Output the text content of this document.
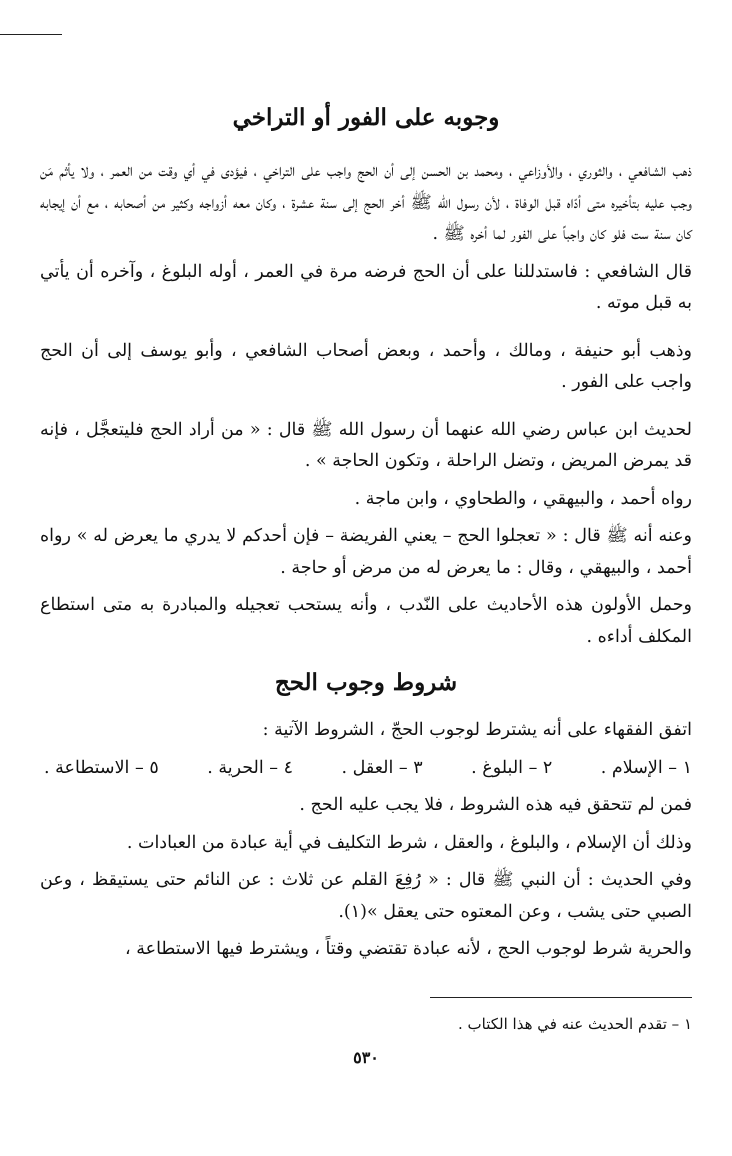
وجوبه على الفور أو التراخي

ذهب الشافعي ، والثوري ، والأوزاعي ، ومحمد بن الحسن إلى أن الحج واجب على التراخي ، فيؤدى في أي وقت من العمر ، ولا يأثم مَن وجب عليه بتأخيره متى أدّاه قبل الوفاة ، لأن رسول الله ﷺ أخر الحج إلى سنة عشرة ، وكان معه أزواجه وكثير من أصحابه ، مع أن إيجابه كان سنة ست فلو كان واجباً على الفور لما أخره ﷺ .

قال الشافعي : فاستدللنا على أن الحج فرضه مرة في العمر ، أوله البلوغ ، وآخره أن يأتي به قبل موته .

وذهب أبو حنيفة ، ومالك ، وأحمد ، وبعض أصحاب الشافعي ، وأبو يوسف إلى أن الحج واجب على الفور .

لحديث ابن عباس رضي الله عنهما أن رسول الله ﷺ قال : « من أراد الحج فليتعجَّل ، فإنه قد يمرض المريض ، وتضل الراحلة ، وتكون الحاجة » .

رواه أحمد ، والبيهقي ، والطحاوي ، وابن ماجة .

وعنه أنه ﷺ قال : « تعجلوا الحج – يعني الفريضة – فإن أحدكم لا يدري ما يعرض له » رواه أحمد ، والبيهقي ، وقال : ما يعرض له من مرض أو حاجة .

وحمل الأولون هذه الأحاديث على النّدب ، وأنه يستحب تعجيله والمبادرة به متى استطاع المكلف أداءه .

شروط وجوب الحج

اتفق الفقهاء على أنه يشترط لوجوب الحجّ ، الشروط الآتية :

١ – الإسلام .
٢ – البلوغ .
٣ – العقل .
٤ – الحرية .
٥ – الاستطاعة .

فمن لم تتحقق فيه هذه الشروط ، فلا يجب عليه الحج .

وذلك أن الإسلام ، والبلوغ ، والعقل ، شرط التكليف في أية عبادة من العبادات .

وفي الحديث : أن النبي ﷺ قال : « رُفِعَ القلم عن ثلاث : عن النائم حتى يستيقظ ، وعن الصبي حتى يشب ، وعن المعتوه حتى يعقل »(١).

والحرية شرط لوجوب الحج ، لأنه عبادة تقتضي وقتاً ، ويشترط فيها الاستطاعة ،

١ – تقدم الحديث عنه في هذا الكتاب .
٥٣٠
